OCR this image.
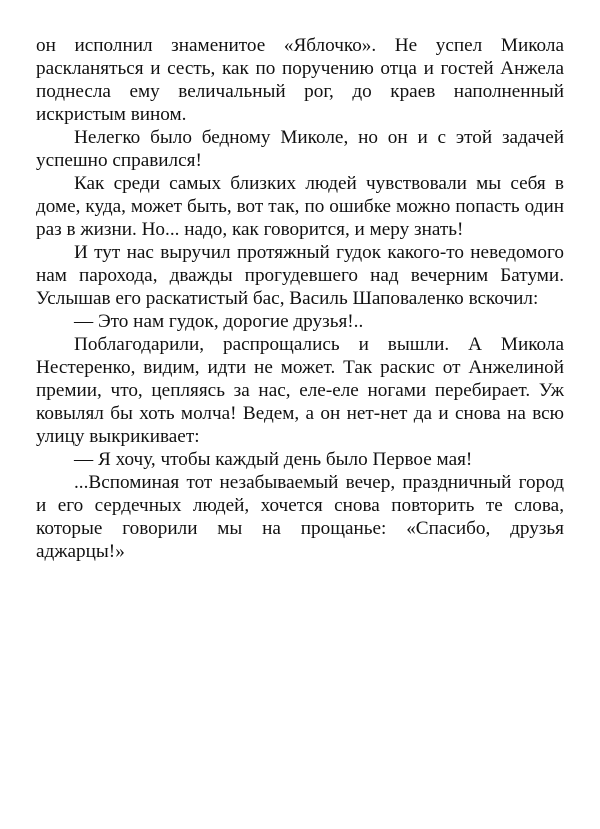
он исполнил знаменитое «Яблочко». Не успел Микола раскланяться и сесть, как по поручению отца и гостей Анжела поднесла ему величальный рог, до краев наполненный искристым вином.

Нелегко было бедному Миколе, но он и с этой задачей успешно справился!

Как среди самых близких людей чувствовали мы себя в доме, куда, может быть, вот так, по ошибке можно попасть один раз в жизни. Но... надо, как говорится, и меру знать!

И тут нас выручил протяжный гудок какого-то неведомого нам парохода, дважды прогудевшего над вечерним Батуми. Услышав его раскатистый бас, Василь Шаповаленко вскочил:

— Это нам гудок, дорогие друзья!..

Поблагодарили, распрощались и вышли. А Микола Нестеренко, видим, идти не может. Так раскис от Анжелиной премии, что, цепляясь за нас, еле-еле ногами перебирает. Уж ковылял бы хоть молча! Ведем, а он нет-нет да и снова на всю улицу выкрикивает:

— Я хочу, чтобы каждый день было Первое мая!

...Вспоминая тот незабываемый вечер, праздничный город и его сердечных людей, хочется снова повторить те слова, которые говорили мы на прощанье: «Спасибо, друзья аджарцы!»
